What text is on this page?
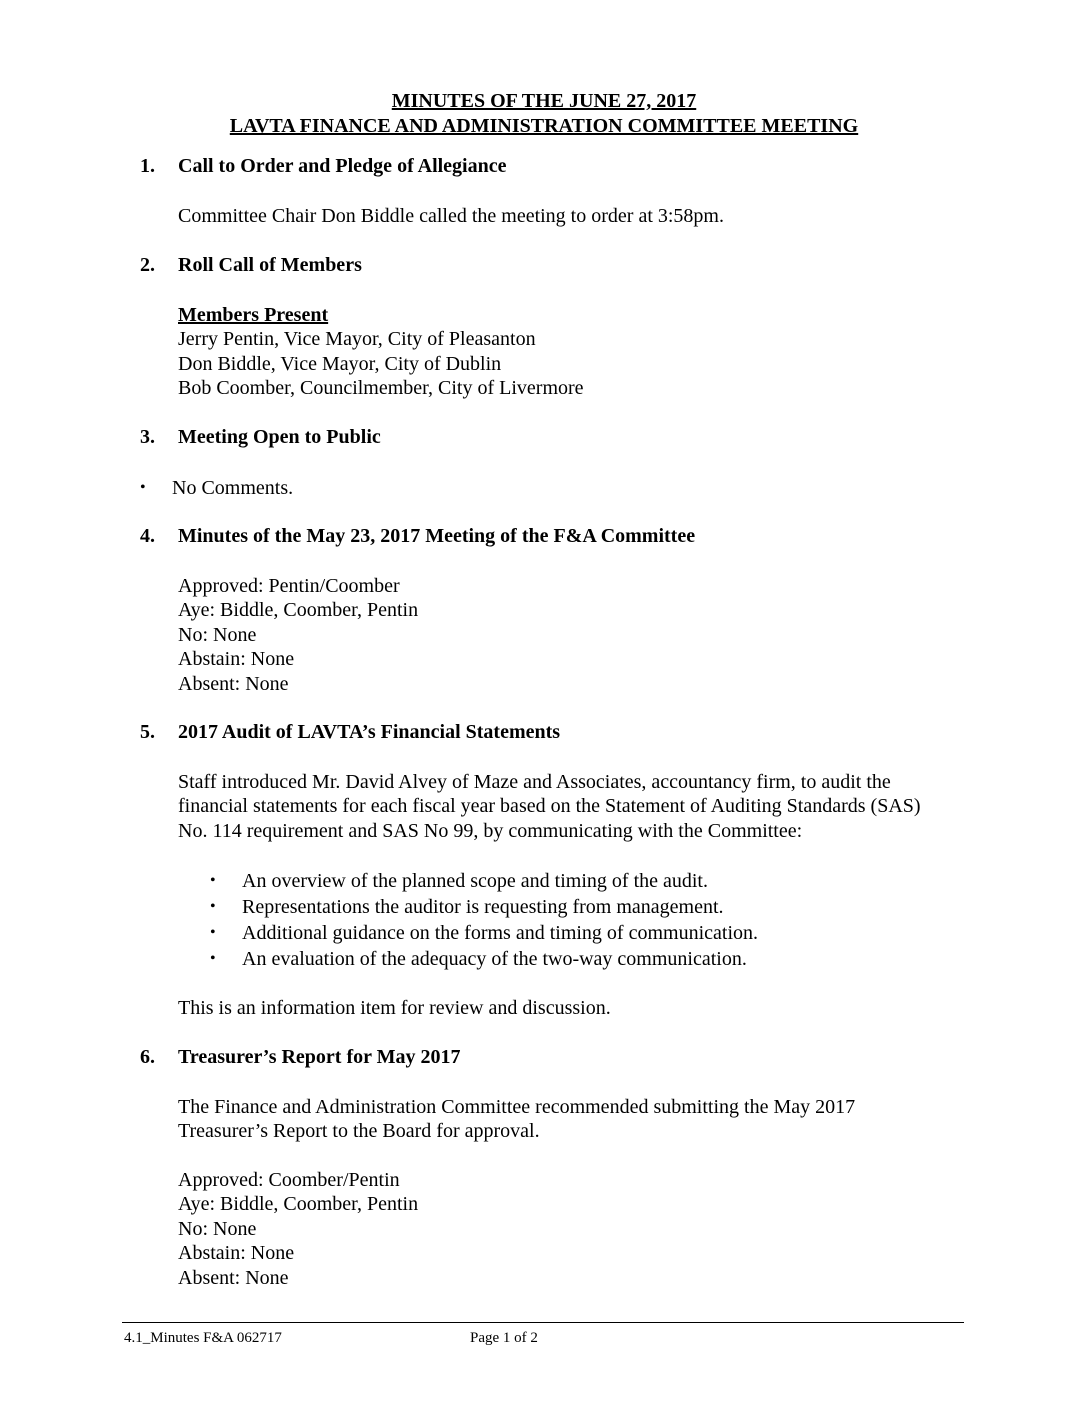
MINUTES OF THE JUNE 27, 2017
LAVTA FINANCE AND ADMINISTRATION COMMITTEE MEETING
1.	Call to Order and Pledge of Allegiance
Committee Chair Don Biddle called the meeting to order at 3:58pm.
2.	Roll Call of Members
Members Present
Jerry Pentin, Vice Mayor, City of Pleasanton
Don Biddle, Vice Mayor, City of Dublin
Bob Coomber, Councilmember, City of Livermore
3.	Meeting Open to Public
• No Comments.
4.	Minutes of the May 23, 2017 Meeting of the F&A Committee
Approved: Pentin/Coomber
Aye: Biddle, Coomber, Pentin
No: None
Abstain: None
Absent: None
5.	2017 Audit of LAVTA’s Financial Statements
Staff introduced Mr. David Alvey of Maze and Associates, accountancy firm, to audit the
financial statements for each fiscal year based on the Statement of Auditing Standards (SAS)
No. 114 requirement and SAS No 99, by communicating with the Committee:
• An overview of the planned scope and timing of the audit.
• Representations the auditor is requesting from management.
• Additional guidance on the forms and timing of communication.
• An evaluation of the adequacy of the two-way communication.
This is an information item for review and discussion.
6.	Treasurer’s Report for May 2017
The Finance and Administration Committee recommended submitting the May 2017
Treasurer’s Report to the Board for approval.
Approved: Coomber/Pentin
Aye: Biddle, Coomber, Pentin
No: None
Abstain: None
Absent: None
4.1_Minutes F&A 062717	Page 1 of 2
